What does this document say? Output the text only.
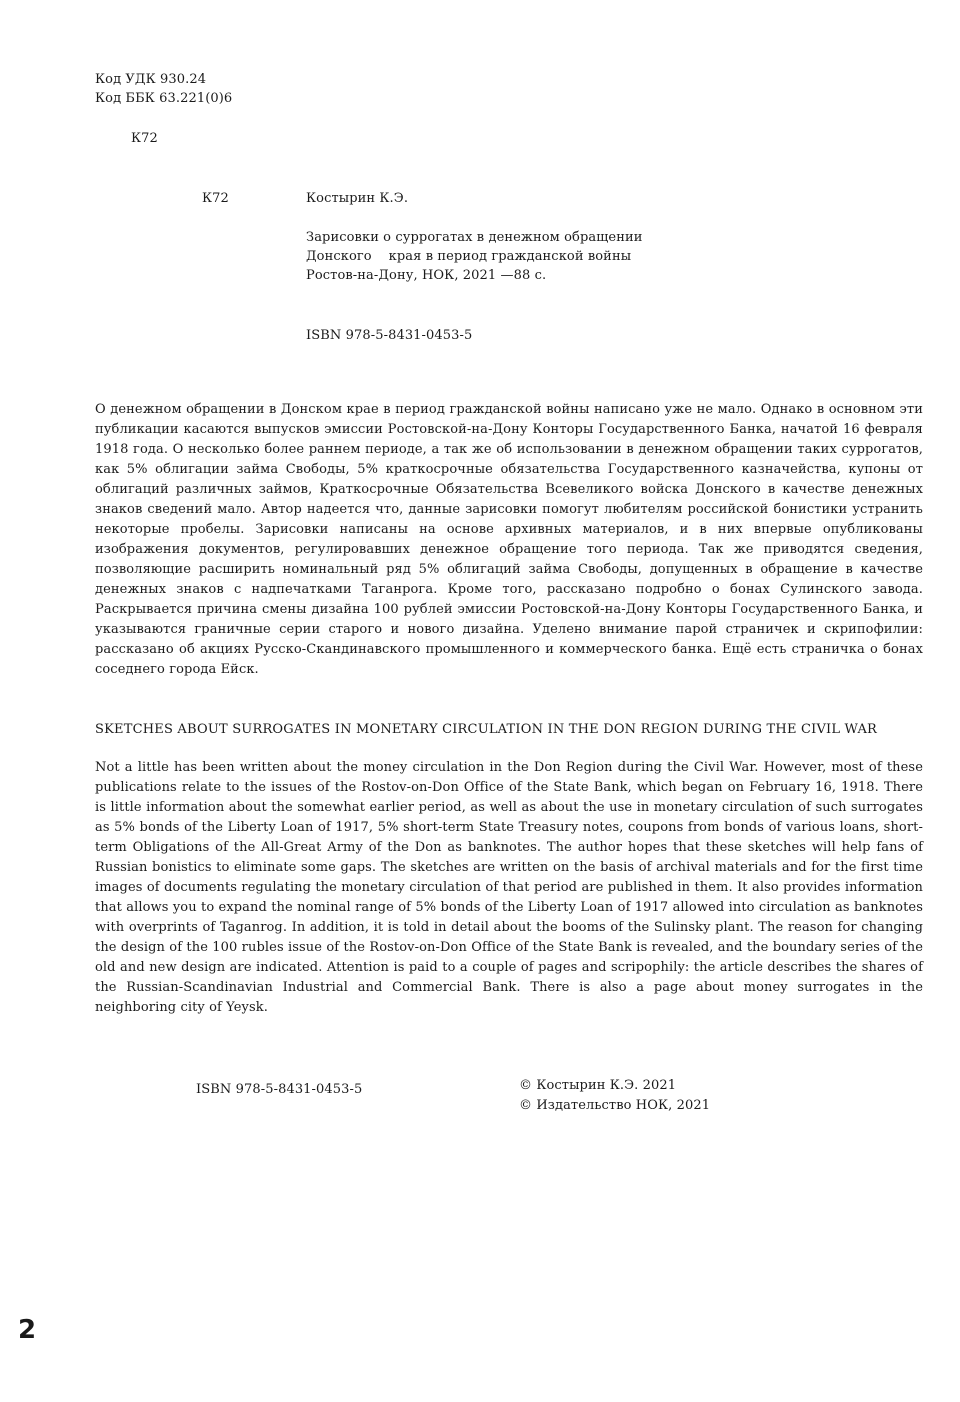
Код УДК 930.24
Код ББК 63.221(0)6
К72
К72	Костырин К.Э.
Зарисовки о суррогатах в денежном обращении
Донского    края в период гражданской войны
Ростов-на-Дону, НОК, 2021 —88 с.
ISBN 978-5-8431-0453-5
О денежном обращении в Донском крае в период гражданской войны написано уже не мало. Однако в основном эти публикации касаются выпусков эмиссии Ростовской-на-Дону Конторы Государственного Банка, начатой 16 февраля 1918 года. О несколько более раннем периоде, а так же об использовании в денежном обращении таких суррогатов, как 5% облигации займа Свободы, 5% краткосрочные обязательства Государственного казначейства, купоны от облигаций различных займов, Краткосрочные Обязательства Всевеликого войска Донского в качестве денежных знаков сведений мало. Автор надеется что, данные зарисовки помогут любителям российской бонистики устранить некоторые пробелы. Зарисовки написаны на основе архивных материалов, и в них впервые опубликованы изображения документов, регулировавших денежное обращение того периода. Так же приводятся сведения, позволяющие расширить номинальный ряд 5% облигаций займа Свободы, допущенных в обращение в качестве денежных знаков с надпечатками Таганрога. Кроме того, рассказано подробно о бонах Сулинского завода. Раскрывается причина смены дизайна 100 рублей эмиссии Ростовской-на-Дону Конторы Государственного Банка, и указываются граничные серии старого и нового дизайна. Уделено внимание парой страничек и скрипофилии: рассказано об акциях Русско-Скандинавского промышленного и коммерческого банка. Ещё есть страничка о бонах соседнего города Ейск.
SKETCHES ABOUT SURROGATES IN MONETARY CIRCULATION IN THE DON REGION DURING THE CIVIL WAR
Not a little has been written about the money circulation in the Don Region during the Civil War. However, most of these publications relate to the issues of the Rostov-on-Don Office of the State Bank, which began on February 16, 1918. There is little information about the somewhat earlier period, as well as about the use in monetary circulation of such surrogates as 5% bonds of the Liberty Loan of 1917, 5% short-term State Treasury notes, coupons from bonds of various loans, short-term Obligations of the All-Great Army of the Don as banknotes. The author hopes that these sketches will help fans of Russian bonistics to eliminate some gaps. The sketches are written on the basis of archival materials and for the first time images of documents regulating the monetary circulation of that period are published in them. It also provides information that allows you to expand the nominal range of 5% bonds of the Liberty Loan of 1917 allowed into circulation as banknotes with overprints of Taganrog. In addition, it is told in detail about the booms of the Sulinsky plant. The reason for changing the design of the 100 rubles issue of the Rostov-on-Don Office of the State Bank is revealed, and the boundary series of the old and new design are indicated. Attention is paid to a couple of pages and scripophily: the article describes the shares of the Russian-Scandinavian Industrial and Commercial Bank. There is also a page about money surrogates in the neighboring city of Yeysk.
ISBN 978-5-8431-0453-5	© Костырин К.Э. 2021
© Издательство НОК, 2021
2
